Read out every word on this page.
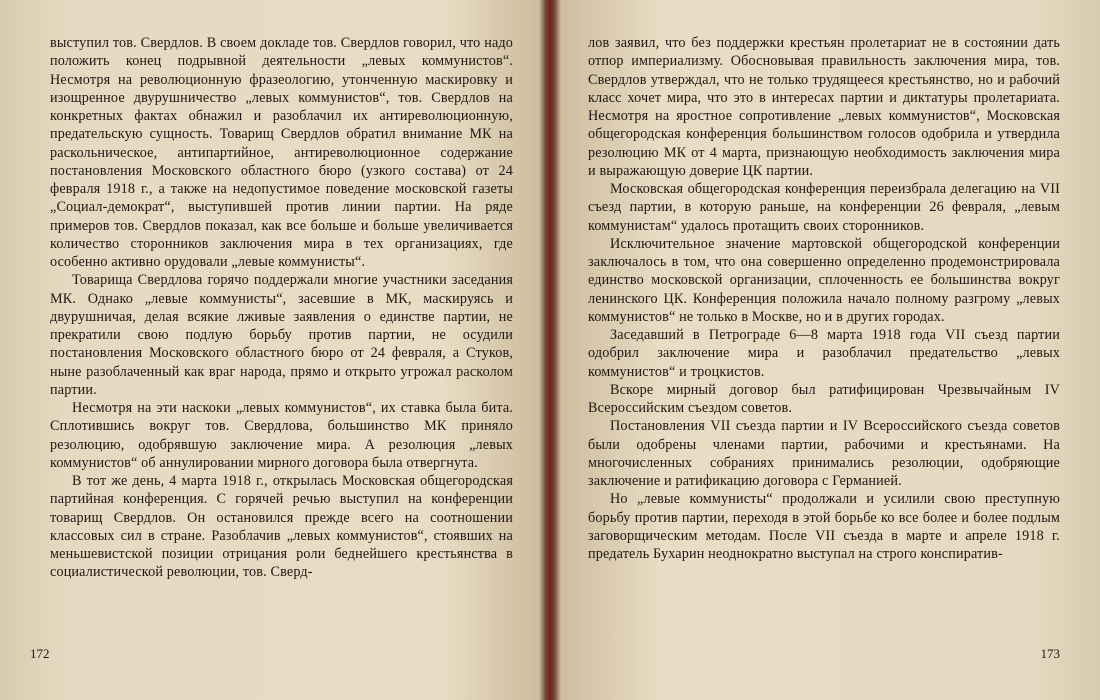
выступил тов. Свердлов. В своем докладе тов. Свердлов говорил, что надо положить конец подрывной деятельности „левых коммунистов“. Несмотря на революционную фразеологию, утонченную маскировку и изощренное двурушничество „левых коммунистов“, тов. Свердлов на конкретных фактах обнажил и разоблачил их антиреволюционную, предательскую сущность. Товарищ Свердлов обратил внимание МК на раскольническое, антипартийное, антиреволюционное содержание постановления Московского областного бюро (узкого состава) от 24 февраля 1918 г., а также на недопустимое поведение московской газеты „Социал-демократ“, выступившей против линии партии. На ряде примеров тов. Свердлов показал, как все больше и больше увеличивается количество сторонников заключения мира в тех организациях, где особенно активно орудовали „левые коммунисты“.

Товарища Свердлова горячо поддержали многие участники заседания МК. Однако „левые коммунисты“, засевшие в МК, маскируясь и двурушничая, делая всякие лживые заявления о единстве партии, не прекратили свою подлую борьбу против партии, не осудили постановления Московского областного бюро от 24 февраля, а Стуков, ныне разоблаченный как враг народа, прямо и открыто угрожал расколом партии.

Несмотря на эти наскоки „левых коммунистов“, их ставка была бита. Сплотившись вокруг тов. Свердлова, большинство МК приняло резолюцию, одобрявшую заключение мира. А резолюция „левых коммунистов“ об аннулировании мирного договора была отвергнута.

В тот же день, 4 марта 1918 г., открылась Московская общегородская партийная конференция. С горячей речью выступил на конференции товарищ Свердлов. Он остановился прежде всего на соотношении классовых сил в стране. Разоблачив „левых коммунистов“, стоявших на меньшевистской позиции отрицания роли беднейшего крестьянства в социалистической революции, тов. Сверд-

172

лов заявил, что без поддержки крестьян пролетариат не в состоянии дать отпор империализму. Обосновывая правильность заключения мира, тов. Свердлов утверждал, что не только трудящееся крестьянство, но и рабочий класс хочет мира, что это в интересах партии и диктатуры пролетариата. Несмотря на яростное сопротивление „левых коммунистов“, Московская общегородская конференция большинством голосов одобрила и утвердила резолюцию МК от 4 марта, признающую необходимость заключения мира и выражающую доверие ЦК партии.

Московская общегородская конференция переизбрала делегацию на VII съезд партии, в которую раньше, на конференции 26 февраля, „левым коммунистам“ удалось протащить своих сторонников.

Исключительное значение мартовской общегородской конференции заключалось в том, что она совершенно определенно продемонстрировала единство московской организации, сплоченность ее большинства вокруг ленинского ЦК. Конференция положила начало полному разгрому „левых коммунистов“ не только в Москве, но и в других городах.

Заседавший в Петрограде 6—8 марта 1918 года VII съезд партии одобрил заключение мира и разоблачил предательство „левых коммунистов“ и троцкистов.

Вскоре мирный договор был ратифицирован Чрезвычайным IV Всероссийским съездом советов.

Постановления VII съезда партии и IV Всероссийского съезда советов были одобрены членами партии, рабочими и крестьянами. На многочисленных собраниях принимались резолюции, одобряющие заключение и ратификацию договора с Германией.

Но „левые коммунисты“ продолжали и усилили свою преступную борьбу против партии, переходя в этой борьбе ко все более и более подлым заговорщическим методам. После VII съезда в марте и апреле 1918 г. предатель Бухарин неоднократно выступал на строго конспиратив-

173
